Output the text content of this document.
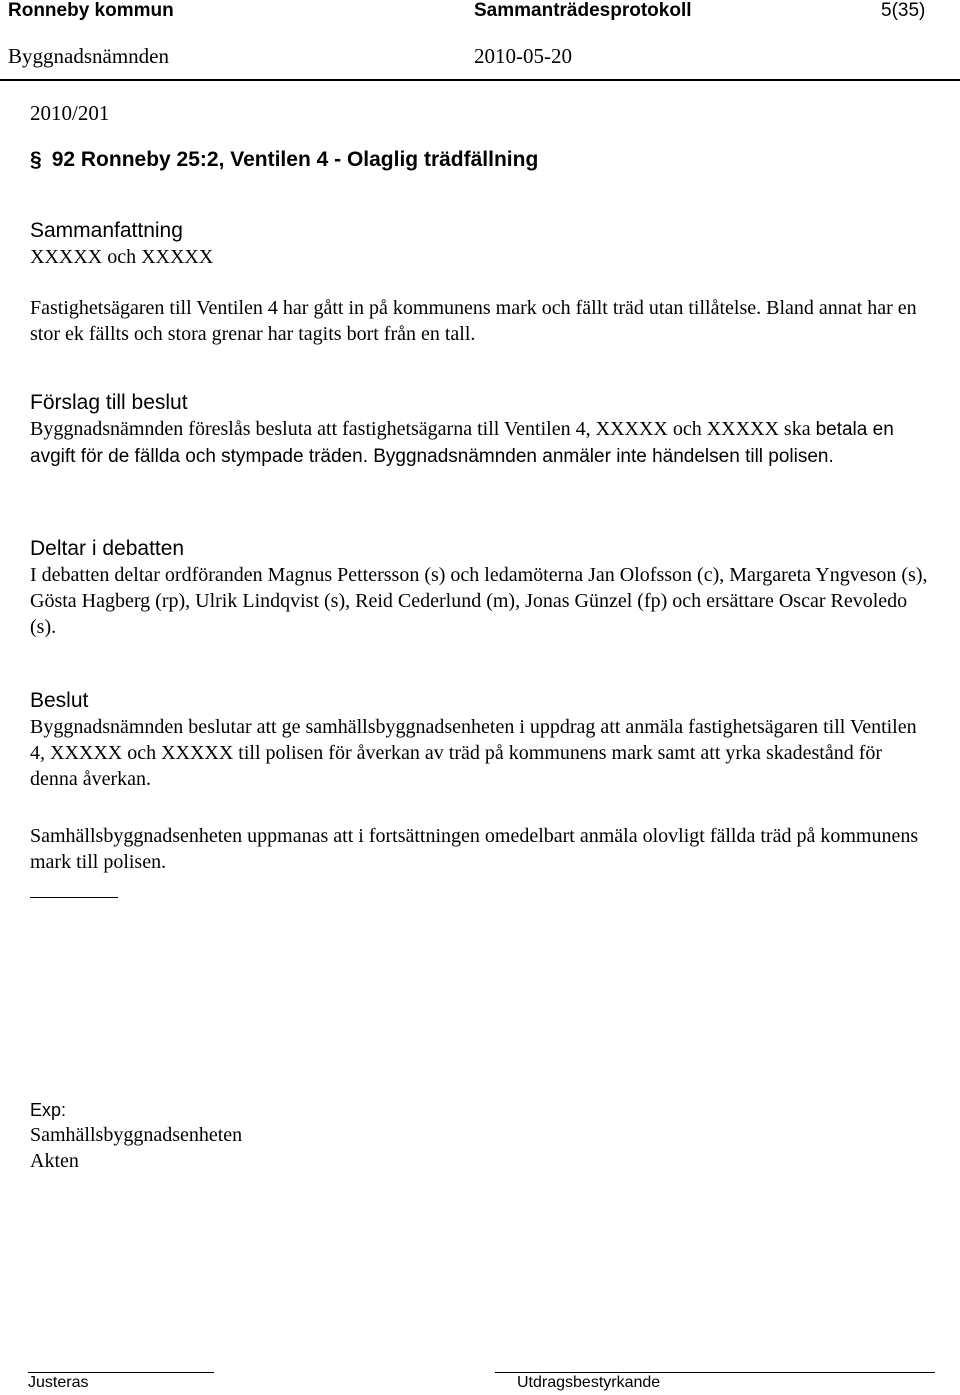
Ronneby kommun	Sammanträdesprotokoll	5(35)
Byggnadsnämnden	2010-05-20
2010/201
§ 92 Ronneby 25:2, Ventilen 4 - Olaglig trädfällning
Sammanfattning
XXXXX och XXXXX
Fastighetsägaren till Ventilen 4 har gått in på kommunens mark och fällt träd utan tillåtelse. Bland annat har en stor ek fällts och stora grenar har tagits bort från en tall.
Förslag till beslut
Byggnadsnämnden föreslås besluta att fastighetsägarna till Ventilen 4, XXXXX och XXXXX ska betala en avgift för de fällda och stympade träden. Byggnadsnämnden anmäler inte händelsen till polisen.
Deltar i debatten
I debatten deltar ordföranden Magnus Pettersson (s) och ledamöterna Jan Olofsson (c), Margareta Yngveson (s), Gösta Hagberg (rp), Ulrik Lindqvist (s), Reid Cederlund (m), Jonas Günzel (fp) och ersättare Oscar Revoledo (s).
Beslut
Byggnadsnämnden beslutar att ge samhällsbyggnadsenheten i uppdrag att anmäla fastighetsägaren till Ventilen 4, XXXXX och XXXXX till polisen för åverkan av träd på kommunens mark samt att yrka skadestånd för denna åverkan.
Samhällsbyggnadsenheten uppmanas att i fortsättningen omedelbart anmäla olovligt fällda träd på kommunens mark till polisen.
Exp:
Samhällsbyggnadsenheten
Akten
Justeras	Utdragsbestyrkande
